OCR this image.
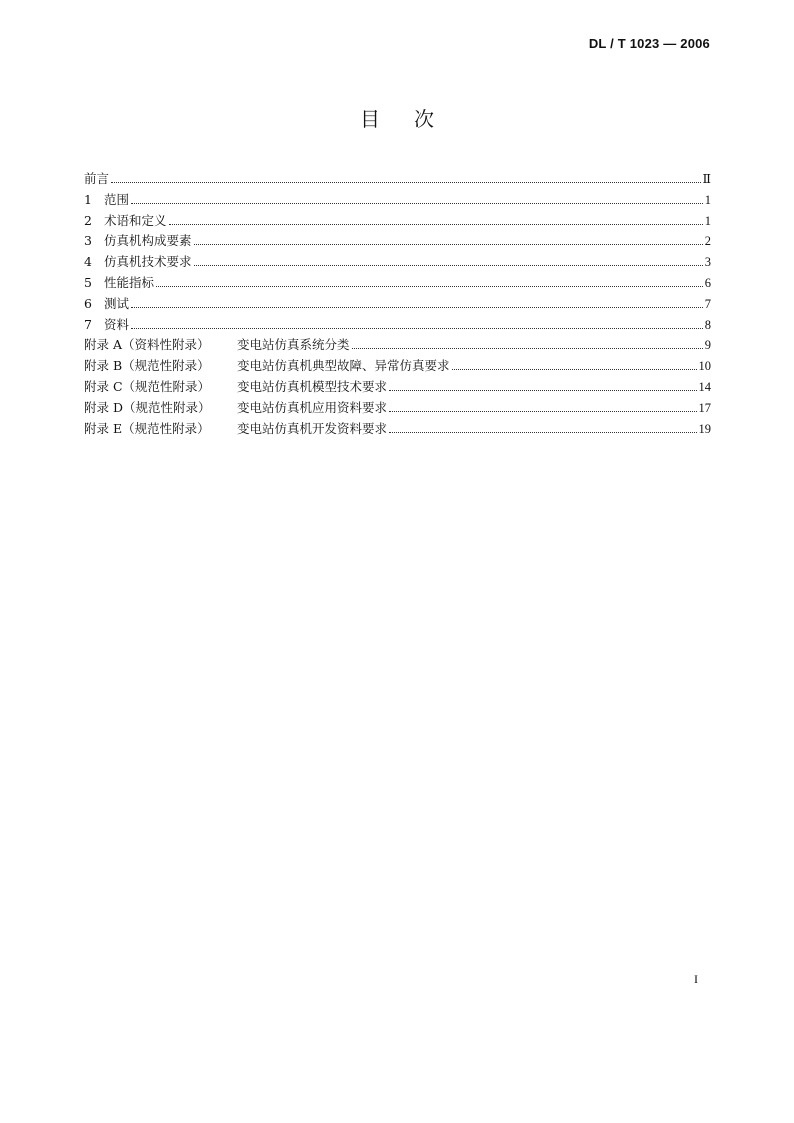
DL / T 1023 — 2006
目次
前言	Ⅱ
1 范围	1
2 术语和定义	1
3 仿真机构成要素	2
4 仿真机技术要求	3
5 性能指标	6
6 测试	7
7 资料	8
附录 A（资料性附录）	变电站仿真系统分类	9
附录 B（规范性附录）	变电站仿真机典型故障、异常仿真要求	10
附录 C（规范性附录）	变电站仿真机模型技术要求	14
附录 D（规范性附录）	变电站仿真机应用资料要求	17
附录 E（规范性附录）	变电站仿真机开发资料要求	19
I
